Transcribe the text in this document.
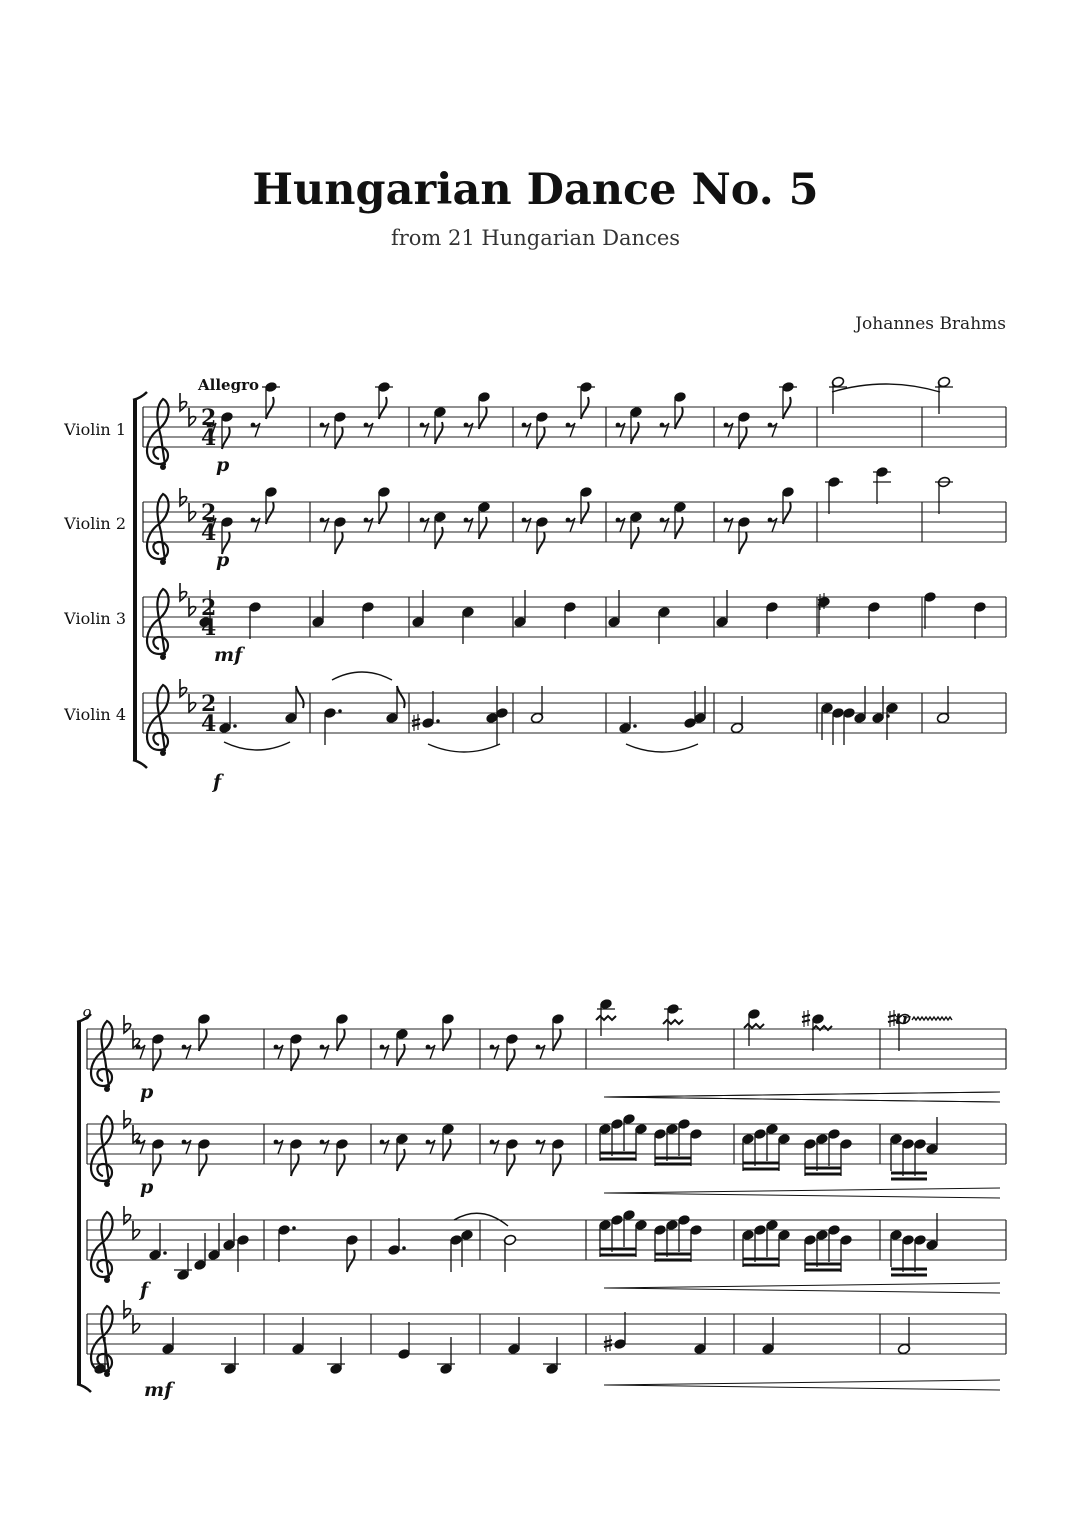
Hungarian Dance No. 5
from 21 Hungarian Dances
Johannes Brahms
Allegro
9
Violin 1
Violin 2
Violin 3
Violin 4
2
4
2
4
2
4
2
4
p
p
mf
f
p
p
f
mf
tr
